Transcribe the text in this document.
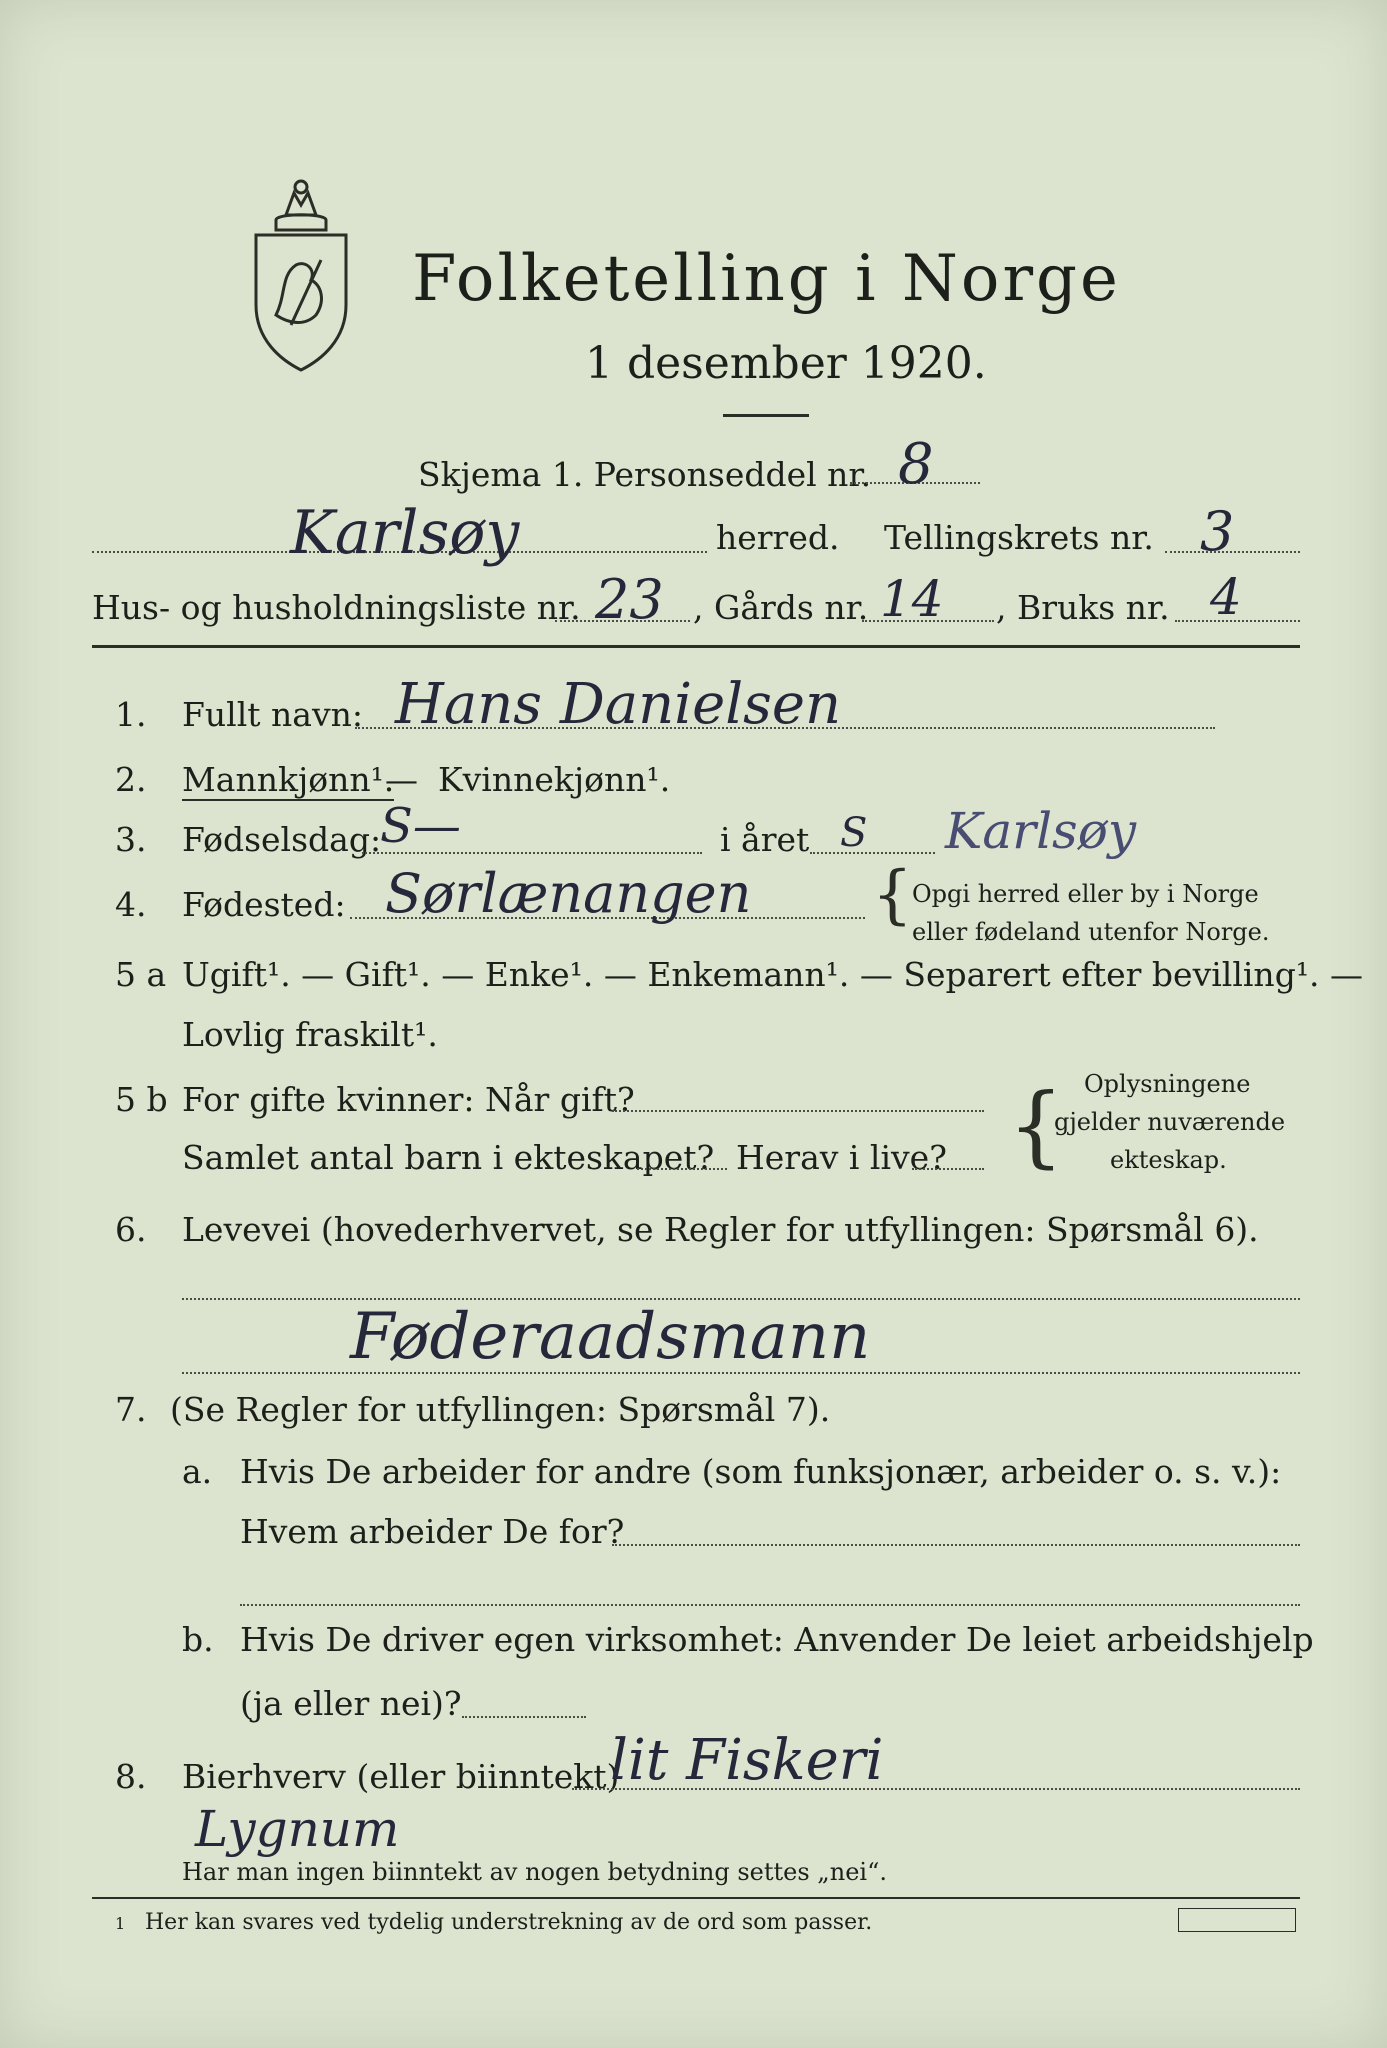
Folketelling i Norge
1 desember 1920.
Skjema 1. Personseddel nr. 8
Karlsøy	herred. Tellingskrets nr. 3
Hus- og husholdningsliste nr. 23 , Gårds nr. 14 , Bruks nr. 4
1. Fullt navn: Hans Danielsen
2. Mannkjønn¹.
— Kvinnekjønn¹.
3. Fødselsdag:
S—	i året S Karlsøy
4. Fødested: Sørlænangen { Opgi herred eller by i Norge
eller fødeland utenfor Norge.
5 a Ugift¹. — Gift¹. — Enke¹. — Enkemann¹. — Separert efter bevilling¹. —
Lovlig fraskilt¹.
5 b For gifte kvinner: Når gift?
Samlet antal barn i ekteskapet? Herav i live? { Oplysningene
gjelder nuværende
ekteskap.
6. Levevei (hovederhvervet, se Regler for utfyllingen: Spørsmål 6).
Føderaadsmann
7. (Se Regler for utfyllingen: Spørsmål 7).
a. Hvis De arbeider for andre (som funksjonær, arbeider o. s. v.):
Hvem arbeider De for?
b. Hvis De driver egen virksomhet: Anvender De leiet arbeidshjelp
(ja eller nei)?
8. Bierhverv (eller biinntekt)
lit Fiskeri
Lygnum
Har man ingen biinntekt av nogen betydning settes „nei“.
1 Her kan svares ved tydelig understrekning av de ord som passer.
